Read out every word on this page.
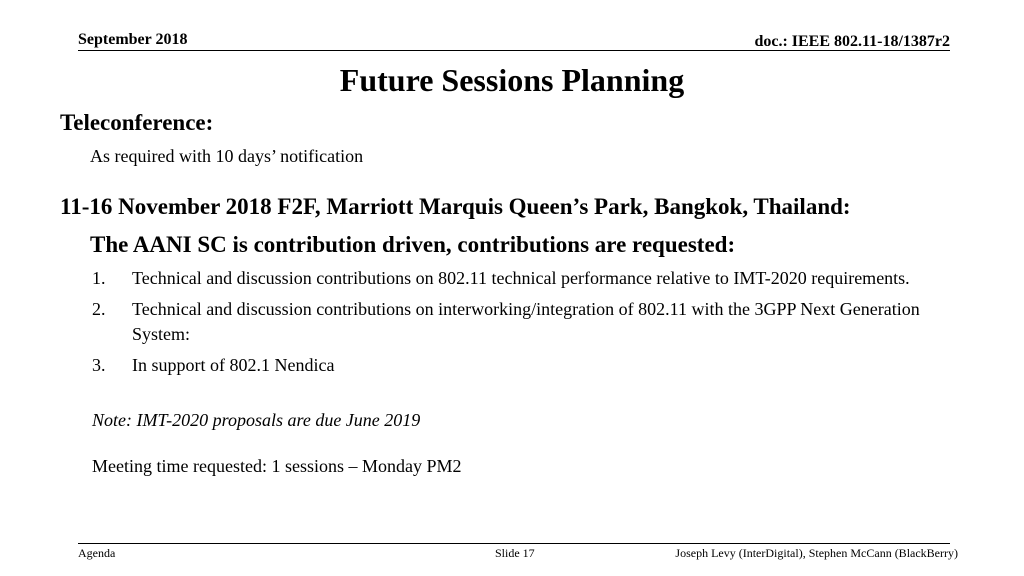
September 2018	doc.: IEEE 802.11-18/1387r2
Future Sessions Planning
Teleconference:
As required with 10 days’ notification
11-16 November 2018 F2F, Marriott Marquis Queen’s Park, Bangkok, Thailand:
The AANI SC is contribution driven, contributions are requested:
1. Technical and discussion contributions on 802.11 technical performance relative to IMT-2020 requirements.
2. Technical and discussion contributions on interworking/integration of 802.11 with the 3GPP Next Generation System:
3. In support of 802.1 Nendica
Note: IMT-2020 proposals are due June 2019
Meeting time requested: 1 sessions – Monday PM2
Agenda	Slide 17	Joseph Levy (InterDigital), Stephen McCann (BlackBerry)
